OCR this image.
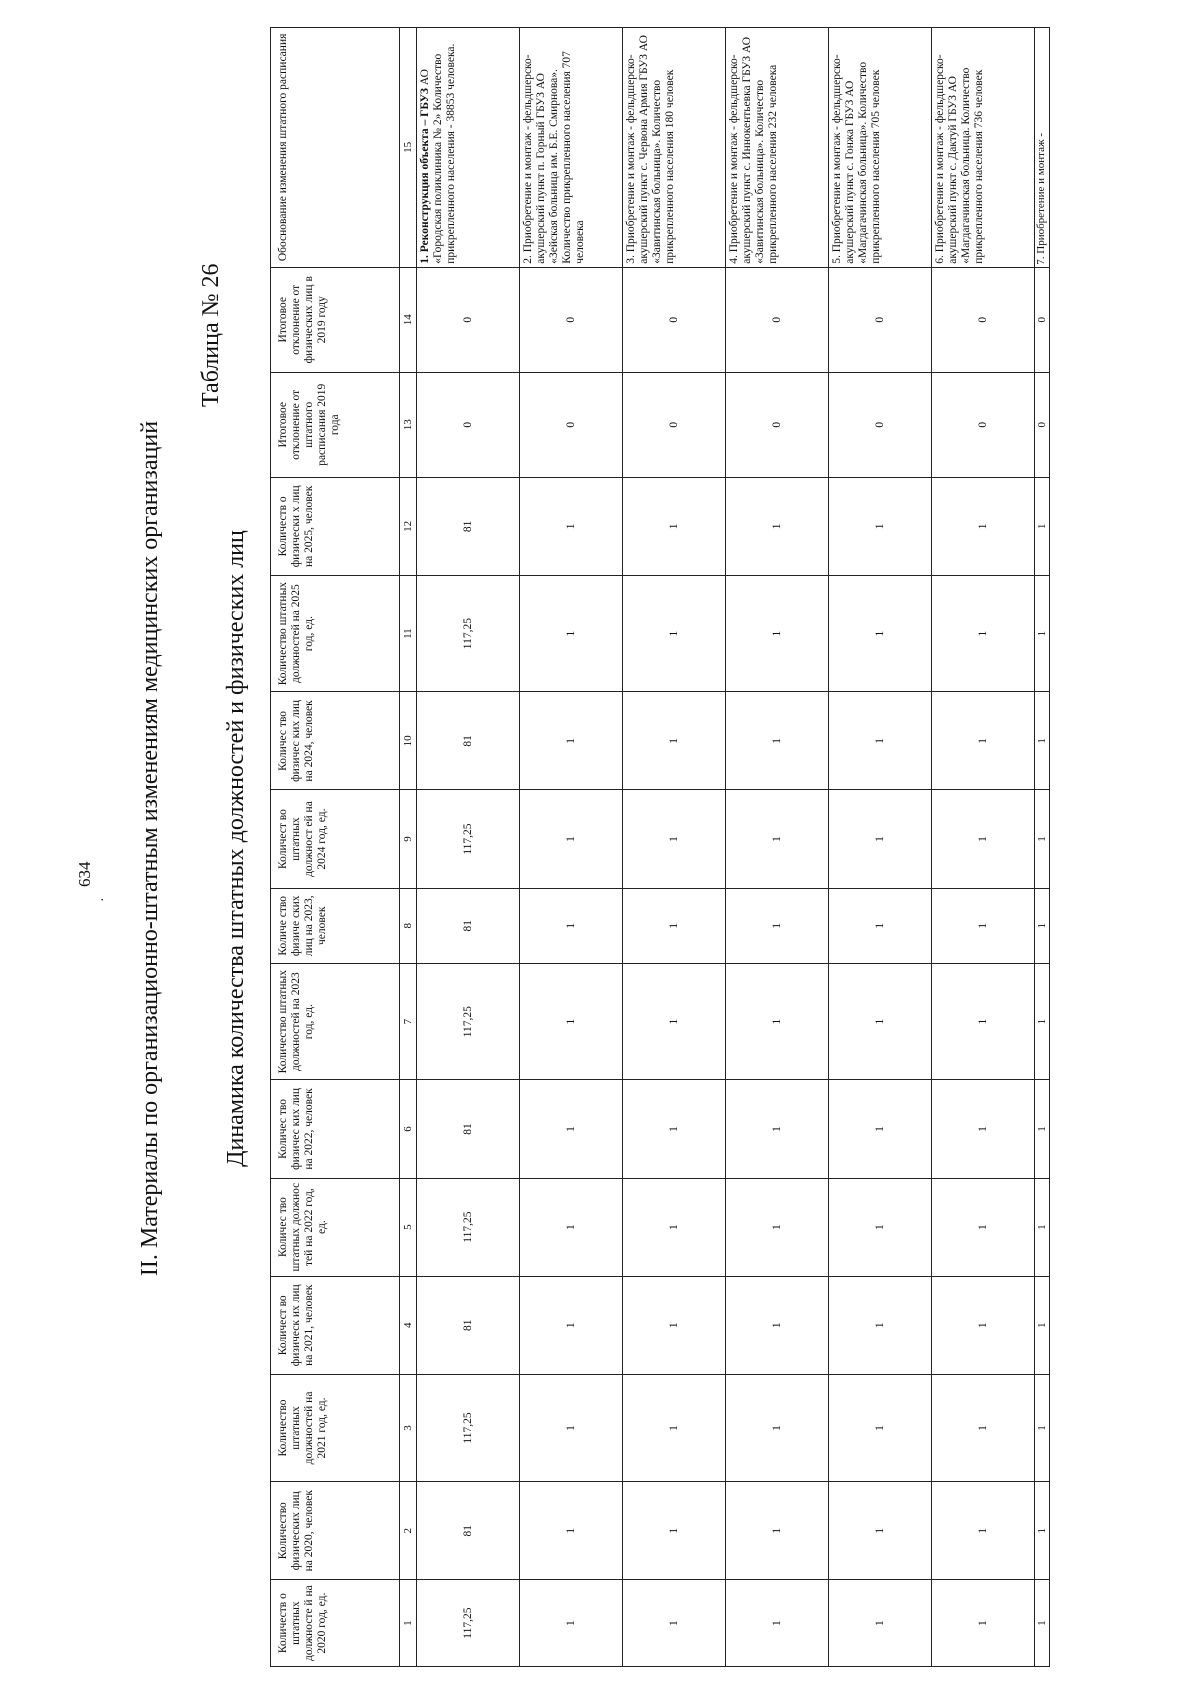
634
· II. Материалы по организационно-штатным изменениям медицинских организаций
Таблица № 26
Динамика количества штатных должностей и физических лиц
Количеств о штатных должносте й на 2020 год, ед.	Количество физических лиц на 2020, человек	Количество штатных должностей на 2021 год, ед.	Количест во физическ их лиц на 2021, человек	Количес тво штатных должнос тей на 2022 год, ед.	Количес тво физичес ких лиц на 2022, человек	Количество штатных должностей на 2023 год, ед.	Количе ство физиче ских лиц на 2023, человек	Количест во штатных должност ей на 2024 год, ед.	Количес тво физичес ких лиц на 2024, человек	Количество штатных должностей на 2025 год, ед.	Количеств о физически х лиц на 2025, человек	Итоговое отклонение от штатного расписания 2019 года	Итоговое отклонение от физических лиц в 2019 году	Обоснование изменения штатного расписания
1	2	3	4	5	6	7	8	9	10	11	12	13	14	15
117,25	81	117,25	81	117,25	81	117,25	81	117,25	81	117,25	81	0	0	1. Реконструкция объекта – ГБУЗ АО «Городская поликлиника № 2» Количество прикрепленного населения - 38853 человека.
1	1	1	1	1	1	1	1	1	1	1	1	0	0	2. Приобретение и монтаж - фельдшерско-акушерский пункт п. Горный ГБУЗ АО «Зейская больница им. Б.Е. Смирнова». Количество прикрепленного населения 707 человека
1	1	1	1	1	1	1	1	1	1	1	1	0	0	3. Приобретение и монтаж - фельдшерско-акушерский пункт с. Червона Армия ГБУЗ АО «Завитинская больница». Количество прикрепленного населения 180 человек
1	1	1	1	1	1	1	1	1	1	1	1	0	0	4. Приобретение и монтаж - фельдшерско-акушерский пункт с. Иннокентьевка ГБУЗ АО «Завитинская больница». Количество прикрепленного населения 232 человека
1	1	1	1	1	1	1	1	1	1	1	1	0	0	5. Приобретение и монтаж - фельдшерско-акушерский пункт с. Гонжа ГБУЗ АО «Магдагачинская больница». Количество прикрепленного населения 705 человек
1	1	1	1	1	1	1	1	1	1	1	1	0	0	6. Приобретение и монтаж - фельдшерско-акушерский пункт с. Дактуй ГБУЗ АО «Магдагачинская больница. Количество прикрепленного населения 736 человек
1	1	1	1	1	1	1	1	1	1	1	1	0	0	7. Приобретение и монтаж -
